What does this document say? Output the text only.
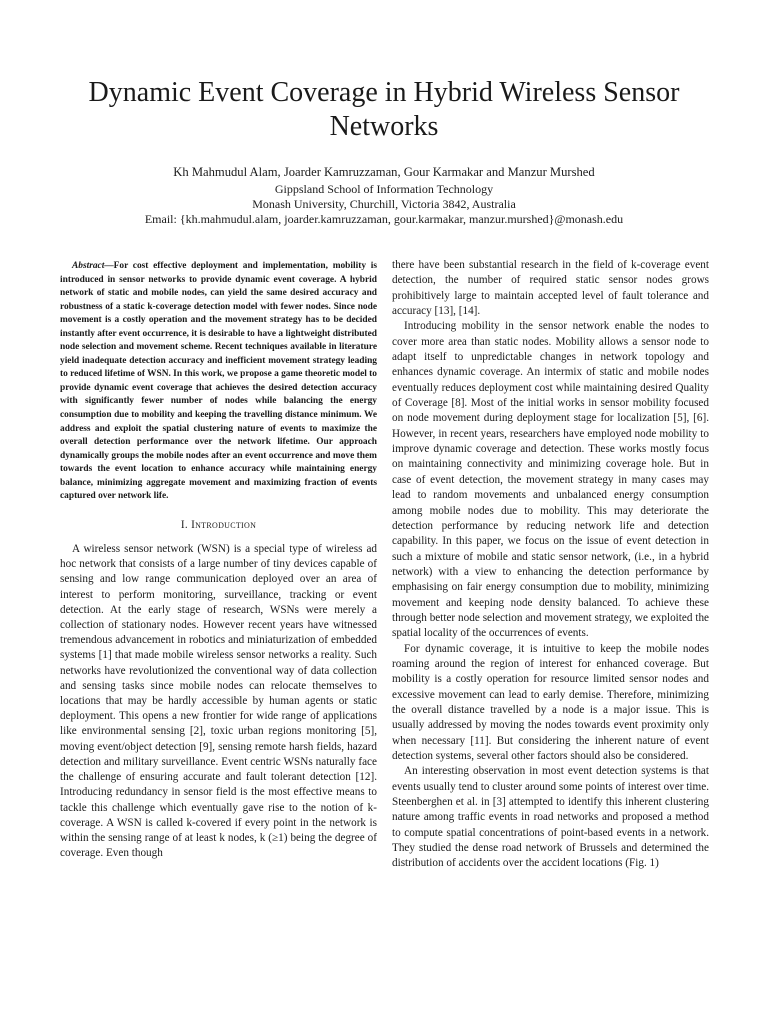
Dynamic Event Coverage in Hybrid Wireless Sensor Networks
Kh Mahmudul Alam, Joarder Kamruzzaman, Gour Karmakar and Manzur Murshed
Gippsland School of Information Technology
Monash University, Churchill, Victoria 3842, Australia
Email: {kh.mahmudul.alam, joarder.kamruzzaman, gour.karmakar, manzur.murshed}@monash.edu

Abstract—For cost effective deployment and implementation, mobility is introduced in sensor networks to provide dynamic event coverage. A hybrid network of static and mobile nodes, can yield the same desired accuracy and robustness of a static k-coverage detection model with fewer nodes. Since node movement is a costly operation and the movement strategy has to be decided instantly after event occurrence, it is desirable to have a lightweight distributed node selection and movement scheme. Recent techniques available in literature yield inadequate detection accuracy and inefficient movement strategy leading to reduced lifetime of WSN. In this work, we propose a game theoretic model to provide dynamic event coverage that achieves the desired detection accuracy with significantly fewer number of nodes while balancing the energy consumption due to mobility and keeping the travelling distance minimum. We address and exploit the spatial clustering nature of events to maximize the overall detection performance over the network lifetime. Our approach dynamically groups the mobile nodes after an event occurrence and move them towards the event location to enhance accuracy while maintaining energy balance, minimizing aggregate movement and maximizing fraction of events captured over network life.

I. Introduction

A wireless sensor network (WSN) is a special type of wireless ad hoc network that consists of a large number of tiny devices capable of sensing and low range communication deployed over an area of interest to perform monitoring, surveillance, tracking or event detection. At the early stage of research, WSNs were merely a collection of stationary nodes. However recent years have witnessed tremendous advancement in robotics and miniaturization of embedded systems [1] that made mobile wireless sensor networks a reality. Such networks have revolutionized the conventional way of data collection and sensing tasks since mobile nodes can relocate themselves to locations that may be hardly accessible by human agents or static deployment. This opens a new frontier for wide range of applications like environmental sensing [2], toxic urban regions monitoring [5], moving event/object detection [9], sensing remote harsh fields, hazard detection and military surveillance. Event centric WSNs naturally face the challenge of ensuring accurate and fault tolerant detection [12]. Introducing redundancy in sensor field is the most effective means to tackle this challenge which eventually gave rise to the notion of k-coverage. A WSN is called k-covered if every point in the network is within the sensing range of at least k nodes, k (≥1) being the degree of coverage. Even though

there have been substantial research in the field of k-coverage event detection, the number of required static sensor nodes grows prohibitively large to maintain accepted level of fault tolerance and accuracy [13], [14].

Introducing mobility in the sensor network enable the nodes to cover more area than static nodes. Mobility allows a sensor node to adapt itself to unpredictable changes in network topology and enhances dynamic coverage. An intermix of static and mobile nodes eventually reduces deployment cost while maintaining desired Quality of Coverage [8]. Most of the initial works in sensor mobility focused on node movement during deployment stage for localization [5], [6]. However, in recent years, researchers have employed node mobility to improve dynamic coverage and detection. These works mostly focus on maintaining connectivity and minimizing coverage hole. But in case of event detection, the movement strategy in many cases may lead to random movements and unbalanced energy consumption among mobile nodes due to mobility. This may deteriorate the detection performance by reducing network life and detection capability. In this paper, we focus on the issue of event detection in such a mixture of mobile and static sensor network, (i.e., in a hybrid network) with a view to enhancing the detection performance by emphasising on fair energy consumption due to mobility, minimizing movement and keeping node density balanced. To achieve these through better node selection and movement strategy, we exploited the spatial locality of the occurrences of events.

For dynamic coverage, it is intuitive to keep the mobile nodes roaming around the region of interest for enhanced coverage. But mobility is a costly operation for resource limited sensor nodes and excessive movement can lead to early demise. Therefore, minimizing the overall distance travelled by a node is a major issue. This is usually addressed by moving the nodes towards event proximity only when necessary [11]. But considering the inherent nature of event detection systems, several other factors should also be considered.

An interesting observation in most event detection systems is that events usually tend to cluster around some points of interest over time. Steenberghen et al. in [3] attempted to identify this inherent clustering nature among traffic events in road networks and proposed a method to compute spatial concentrations of point-based events in a network. They studied the dense road network of Brussels and determined the distribution of accidents over the accident locations (Fig. 1)
